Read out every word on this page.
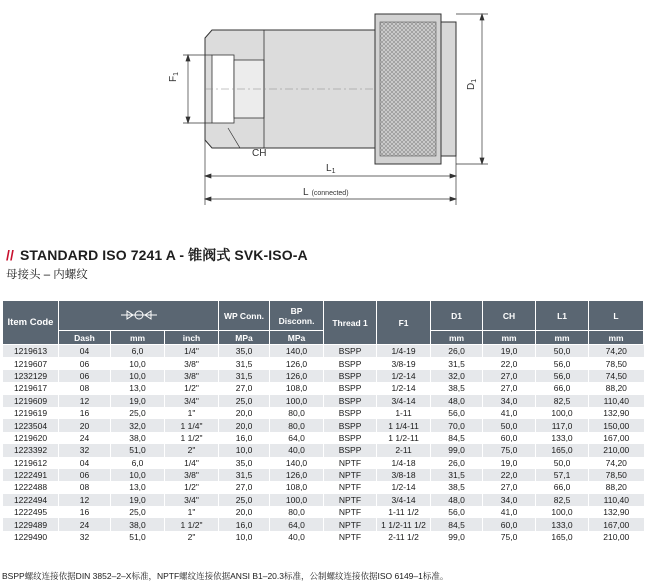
$F_1$
$D_1$
CH
$L_1$
L (connected)
// STANDARD ISO 7241 A - 锥阀式 SVK-ISO-A
母接头 – 内螺纹
Item Code				WP Conn.	BP
Disconn.	Thread 1	F1	D1	CH	L1	L
	Dash	mm	inch	MPa	MPa			mm	mm	mm	mm
1219613	04	6,0	1/4"	35,0	140,0	BSPP	1/4-19	26,0	19,0	50,0	74,20
1219607	06	10,0	3/8"	31,5	126,0	BSPP	3/8-19	31,5	22,0	56,0	78,50
1232129	06	10,0	3/8"	31,5	126,0	BSPP	1/2-14	32,0	27,0	56,0	74,50
1219617	08	13,0	1/2"	27,0	108,0	BSPP	1/2-14	38,5	27,0	66,0	88,20
1219609	12	19,0	3/4"	25,0	100,0	BSPP	3/4-14	48,0	34,0	82,5	110,40
1219619	16	25,0	1"	20,0	80,0	BSPP	1-11	56,0	41,0	100,0	132,90
1223504	20	32,0	1 1/4"	20,0	80,0	BSPP	1 1/4-11	70,0	50,0	117,0	150,00
1219620	24	38,0	1 1/2"	16,0	64,0	BSPP	1 1/2-11	84,5	60,0	133,0	167,00
1223392	32	51,0	2"	10,0	40,0	BSPP	2-11	99,0	75,0	165,0	210,00
1219612	04	6,0	1/4"	35,0	140,0	NPTF	1/4-18	26,0	19,0	50,0	74,20
1222491	06	10,0	3/8"	31,5	126,0	NPTF	3/8-18	31,5	22,0	57,1	78,50
1222488	08	13,0	1/2"	27,0	108,0	NPTF	1/2-14	38,5	27,0	66,0	88,20
1222494	12	19,0	3/4"	25,0	100,0	NPTF	3/4-14	48,0	34,0	82,5	110,40
1222495	16	25,0	1"	20,0	80,0	NPTF	1-11 1/2	56,0	41,0	100,0	132,90
1229489	24	38,0	1 1/2"	16,0	64,0	NPTF	1 1/2-11 1/2	84,5	60,0	133,0	167,00
1229490	32	51,0	2"	10,0	40,0	NPTF	2-11 1/2	99,0	75,0	165,0	210,00
BSPP螺纹连接依据DIN 3852–2–X标准，NPTF螺纹连接依据ANSI B1–20.3标准，公制螺纹连接依据ISO 6149–1标准。
